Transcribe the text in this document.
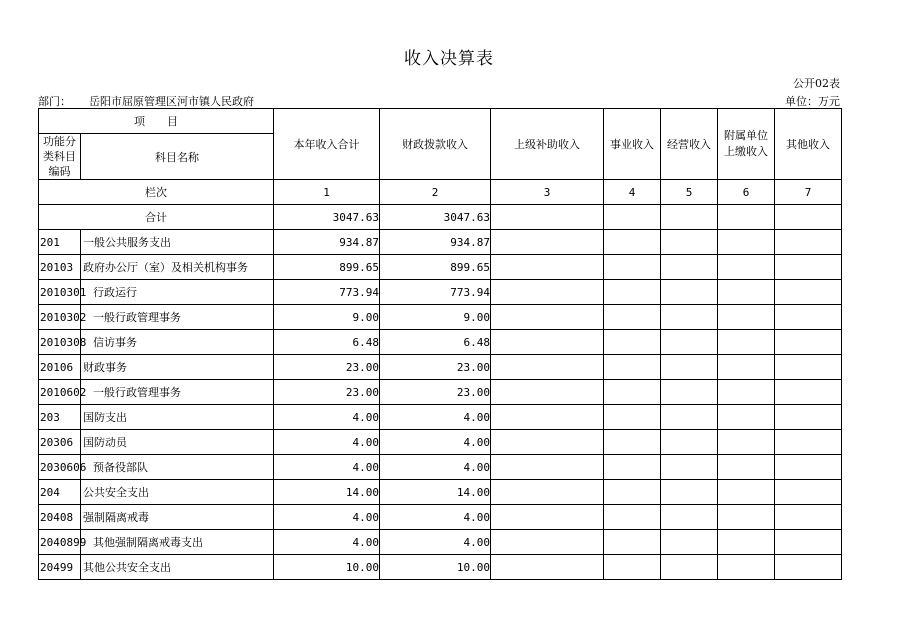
收入决算表
公开02表
部门： 岳阳市屈原管理区河市镇人民政府	单位：万元
项　　目		本年收入合计	财政拨款收入	上级补助收入	事业收入	经营收入	附属单位上缴收入	其他收入
功能分类科目编码	科目名称							
栏次		1	2	3	4	5	6	7
合计		3047.63	3047.63					
201	一般公共服务支出	934.87	934.87					
20103	政府办公厅（室）及相关机构事务	899.65	899.65					
2010301	行政运行	773.94	773.94					
2010302	一般行政管理事务	9.00	9.00					
2010308	信访事务	6.48	6.48					
20106	财政事务	23.00	23.00					
2010602	一般行政管理事务	23.00	23.00					
203	国防支出	4.00	4.00					
20306	国防动员	4.00	4.00					
2030606	预备役部队	4.00	4.00					
204	公共安全支出	14.00	14.00					
20408	强制隔离戒毒	4.00	4.00					
2040899	其他强制隔离戒毒支出	4.00	4.00					
20499	其他公共安全支出	10.00	10.00					
